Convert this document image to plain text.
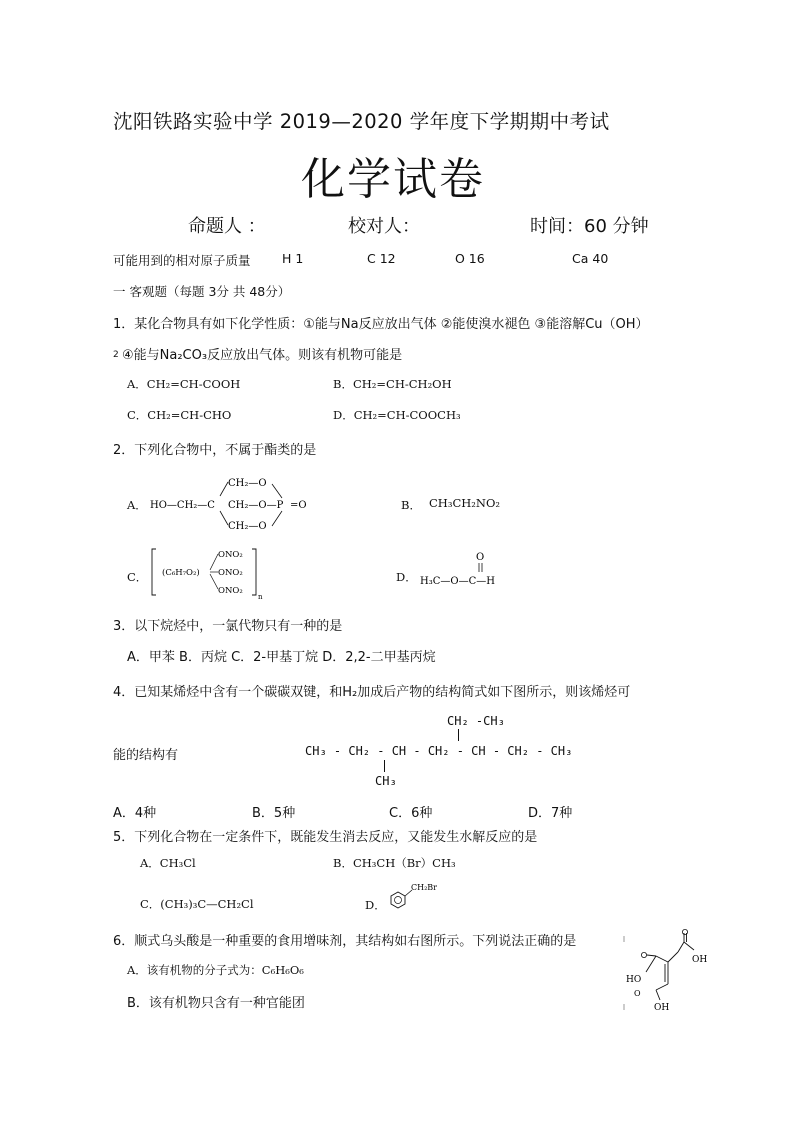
沈阳铁路实验中学 2019—2020 学年度下学期期中考试
化学试卷
命题人 ：	校对人：	时间：60 分钟
可能用到的相对原子质量	H 1	C 12	O 16	Ca 40
一 客观题（每题 3分 共 48分）
1．某化合物具有如下化学性质：①能与Na反应放出气体 ②能使溴水褪色 ③能溶解Cu（OH）
2 ④能与Na₂CO₃反应放出气体。则该有机物可能是
A．CH₂=CH-COOH	B．CH₂=CH-CH₂OH
C．CH₂=CH-CHO	D．CH₂=CH-COOCH₃
2．下列化合物中，不属于酯类的是
A．
CH₂—O
HO—CH₂—C CH₂—O—P =O
CH₂—O
B． CH₃CH₂NO₂
C． (C₆H₇O₂)
ONO₂
ONO₂
ONO₂
n
D．
O
H₃C—O—C—H
3．以下烷烃中，一氯代物只有一种的是
A．甲苯 B．丙烷 C．2-甲基丁烷 D．2,2-二甲基丙烷
4．已知某烯烃中含有一个碳碳双键，和H₂加成后产物的结构简式如下图所示，则该烯烃可
CH₂ -CH₃
能的结构有	CH₃ - CH₂ - CH - CH₂ - CH - CH₂ - CH₃
CH₃
A．4种	B．5种	C．6种	D．7种
5．下列化合物在一定条件下，既能发生消去反应，又能发生水解反应的是
A．CH₃Cl	B．CH₃CH（Br）CH₃
C．(CH₃)₃C—CH₂Cl	D．
CH₂Br
6．顺式乌头酸是一种重要的食用增味剂，其结构如右图所示。下列说法正确的是
A．该有机物的分子式为：C₆H₆O₆
B．该有机物只含有一种官能团
OH
HO
O
OH
